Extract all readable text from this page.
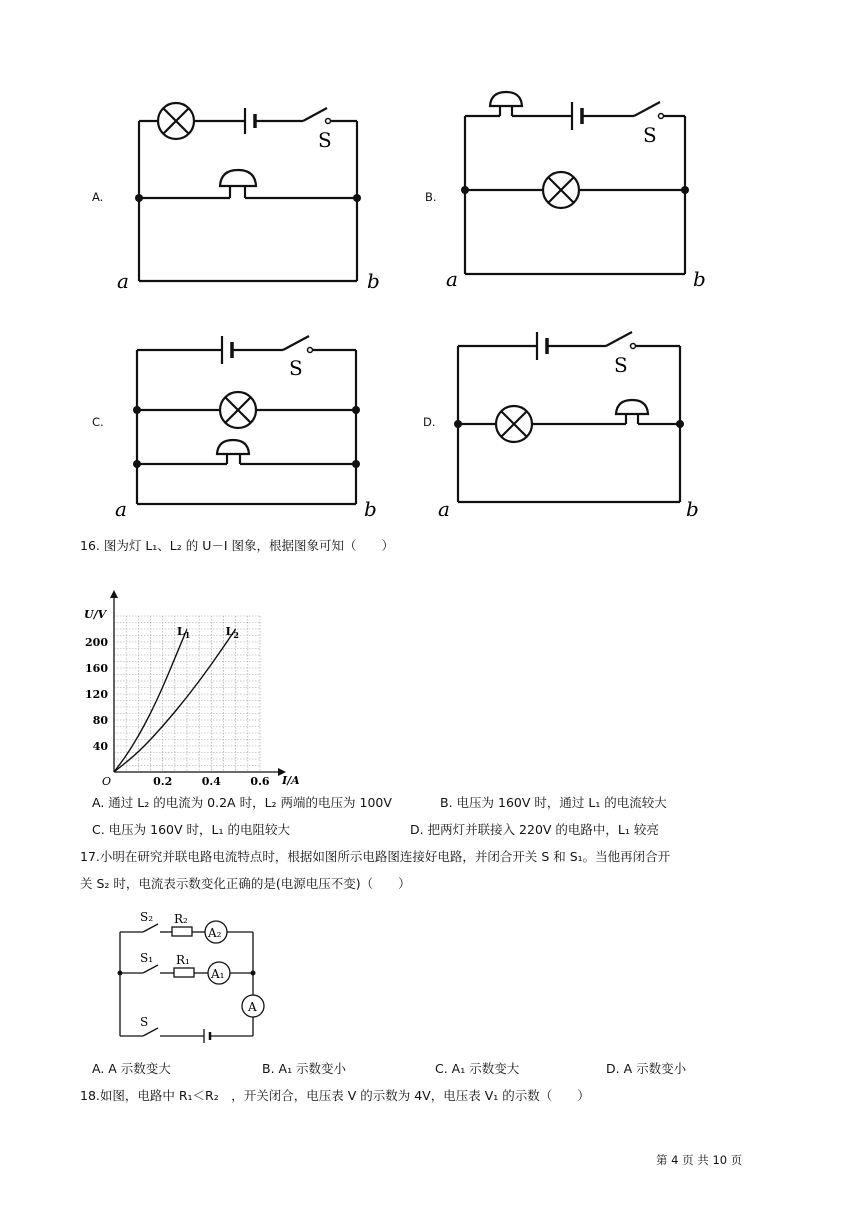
A.
S
a	b
B.
S
a	b
C.
S
a	b
D.
S
a	b
16. 图为灯 L₁、L₂ 的 U－I 图象，根据图象可知（　　）
0.2	0.4	0.6
40
80
120
160
200
$L_1$	$L_2$
U/V
I/A
O
A. 通过 L₂ 的电流为 0.2A 时，L₂ 两端的电压为 100V	B. 电压为 160V 时，通过 L₁ 的电流较大
C. 电压为 160V 时，L₁ 的电阻较大	D. 把两灯并联接入 220V 的电路中，L₁ 较亮
17.小明在研究并联电路电流特点时，根据如图所示电路图连接好电路，并闭合开关 S 和 S₁。当他再闭合开
关 S₂ 时，电流表示数变化正确的是(电源电压不变)（　　）
A₂
A₁
A
S₂ R₂
S₁ R₁
S
A. A 示数变大	B. A₁ 示数变小	C. A₁ 示数变大	D. A 示数变小
18.如图，电路中 R₁＜R₂　，开关闭合，电压表 V 的示数为 4V，电压表 V₁ 的示数（　　）
第 4 页 共 10 页
